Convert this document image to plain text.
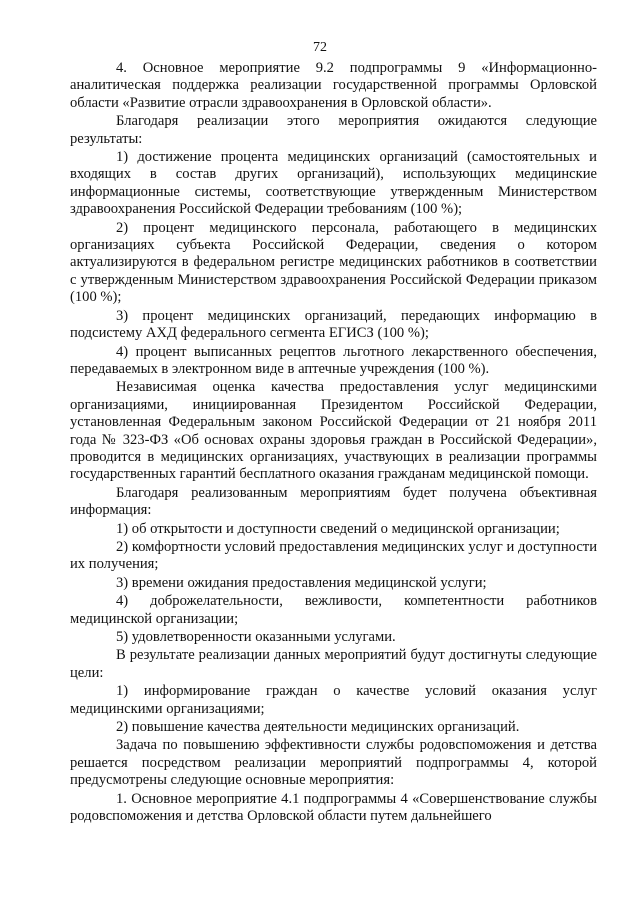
72

4. Основное мероприятие 9.2 подпрограммы 9 «Информационно-аналитическая поддержка реализации государственной программы Орловской области «Развитие отрасли здравоохранения в Орловской области».

Благодаря реализации этого мероприятия ожидаются следующие результаты:

1) достижение процента медицинских организаций (самостоятельных и входящих в состав других организаций), использующих медицинские информационные системы, соответствующие утвержденным Министерством здравоохранения Российской Федерации требованиям (100 %);

2) процент медицинского персонала, работающего в медицинских организациях субъекта Российской Федерации, сведения о котором актуализируются в федеральном регистре медицинских работников в соответствии с утвержденным Министерством здравоохранения Российской Федерации приказом (100 %);

3) процент медицинских организаций, передающих информацию в подсистему АХД федерального сегмента ЕГИСЗ (100 %);

4) процент выписанных рецептов льготного лекарственного обеспечения, передаваемых в электронном виде в аптечные учреждения (100 %).

Независимая оценка качества предоставления услуг медицинскими организациями, инициированная Президентом Российской Федерации, установленная Федеральным законом Российской Федерации от 21 ноября 2011 года № 323-ФЗ «Об основах охраны здоровья граждан в Российской Федерации», проводится в медицинских организациях, участвующих в реализации программы государственных гарантий бесплатного оказания гражданам медицинской помощи.

Благодаря реализованным мероприятиям будет получена объективная информация:

1) об открытости и доступности сведений о медицинской организации;

2) комфортности условий предоставления медицинских услуг и доступности их получения;

3) времени ожидания предоставления медицинской услуги;

4) доброжелательности, вежливости, компетентности работников медицинской организации;

5) удовлетворенности оказанными услугами.

В результате реализации данных мероприятий будут достигнуты следующие цели:

1) информирование граждан о качестве условий оказания услуг медицинскими организациями;

2) повышение качества деятельности медицинских организаций.

Задача по повышению эффективности службы родовспоможения и детства решается посредством реализации мероприятий подпрограммы 4, которой предусмотрены следующие основные мероприятия:

1. Основное мероприятие 4.1 подпрограммы 4 «Совершенствование службы родовспоможения и детства Орловской области путем дальнейшего
